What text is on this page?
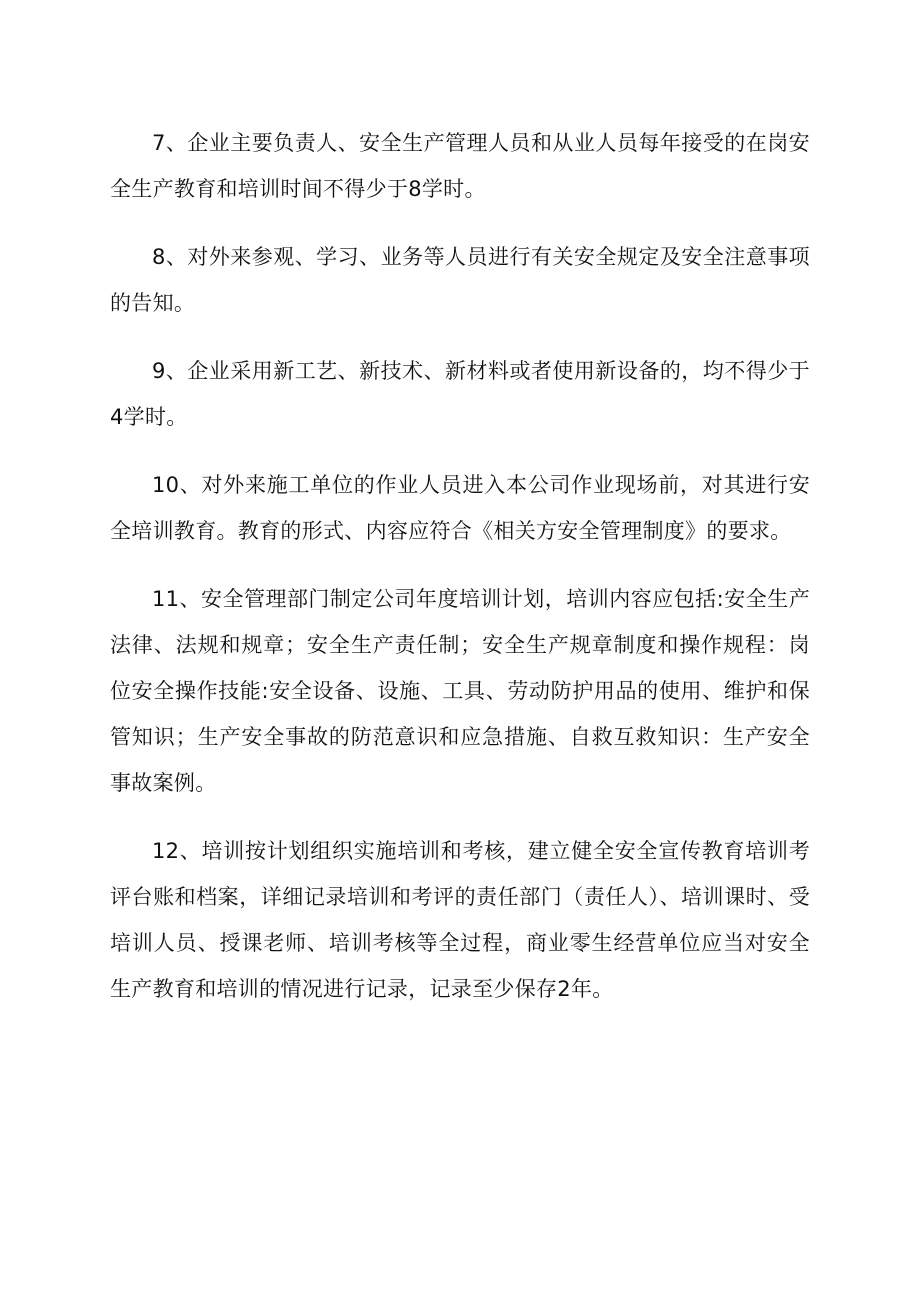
7、企业主要负责人、安全生产管理人员和从业人员每年接受的在岗安全生产教育和培训时间不得少于8学时。

8、对外来参观、学习、业务等人员进行有关安全规定及安全注意事项的告知。

9、企业采用新工艺、新技术、新材料或者使用新设备的，均不得少于4学时。

10、对外来施工单位的作业人员进入本公司作业现场前，对其进行安全培训教育。教育的形式、内容应符合《相关方安全管理制度》的要求。

11、安全管理部门制定公司年度培训计划，培训内容应包括:安全生产法律、法规和规章；安全生产责任制；安全生产规章制度和操作规程：岗位安全操作技能:安全设备、设施、工具、劳动防护用品的使用、维护和保管知识；生产安全事故的防范意识和应急措施、自救互救知识：生产安全事故案例。

12、培训按计划组织实施培训和考核，建立健全安全宣传教育培训考评台账和档案，详细记录培训和考评的责任部门（责任人）、培训课时、受培训人员、授课老师、培训考核等全过程，商业零生经营单位应当对安全生产教育和培训的情况进行记录，记录至少保存2年。
